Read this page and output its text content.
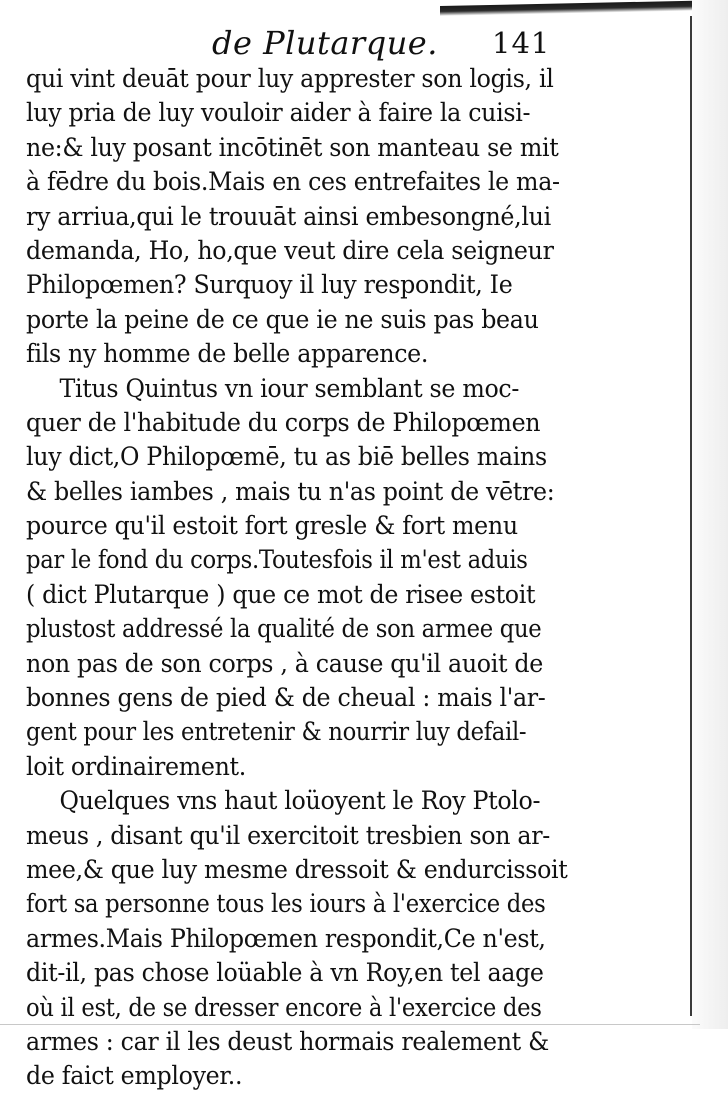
de Plutarque. 141
qui vint deuāt pour luy apprester son logis, il
luy pria de luy vouloir aider à faire la cuisi-
ne:& luy posant incōtinēt son manteau se mit
à fēdre du bois.Mais en ces entrefaites le ma-
ry arriua,qui le trouuāt ainsi embesongné,lui
demanda, Ho, ho,que veut dire cela seigneur
Philopœmen? Surquoy il luy respondit, Ie
porte la peine de ce que ie ne suis pas beau
fils ny homme de belle apparence.
Titus Quintus vn iour semblant se moc-
quer de l'habitude du corps de Philopœmen
luy dict,O Philopœmē, tu as biē belles mains
& belles iambes , mais tu n'as point de vētre:
pource qu'il estoit fort gresle & fort menu
par le fond du corps.Toutesfois il m'est aduis
( dict Plutarque ) que ce mot de risee estoit
plustost addressé la qualité de son armee que
non pas de son corps , à cause qu'il auoit de
bonnes gens de pied & de cheual : mais l'ar-
gent pour les entretenir & nourrir luy defail-
loit ordinairement.
Quelques vns haut loüoyent le Roy Ptolo-
meus , disant qu'il exercitoit tresbien son ar-
mee,& que luy mesme dressoit & endurcissoit
fort sa personne tous les iours à l'exercice des
armes.Mais Philopœmen respondit,Ce n'est,
dit-il, pas chose loüable à vn Roy,en tel aage
où il est, de se dresser encore à l'exercice des
armes : car il les deust hormais realement &
de faict employer..
